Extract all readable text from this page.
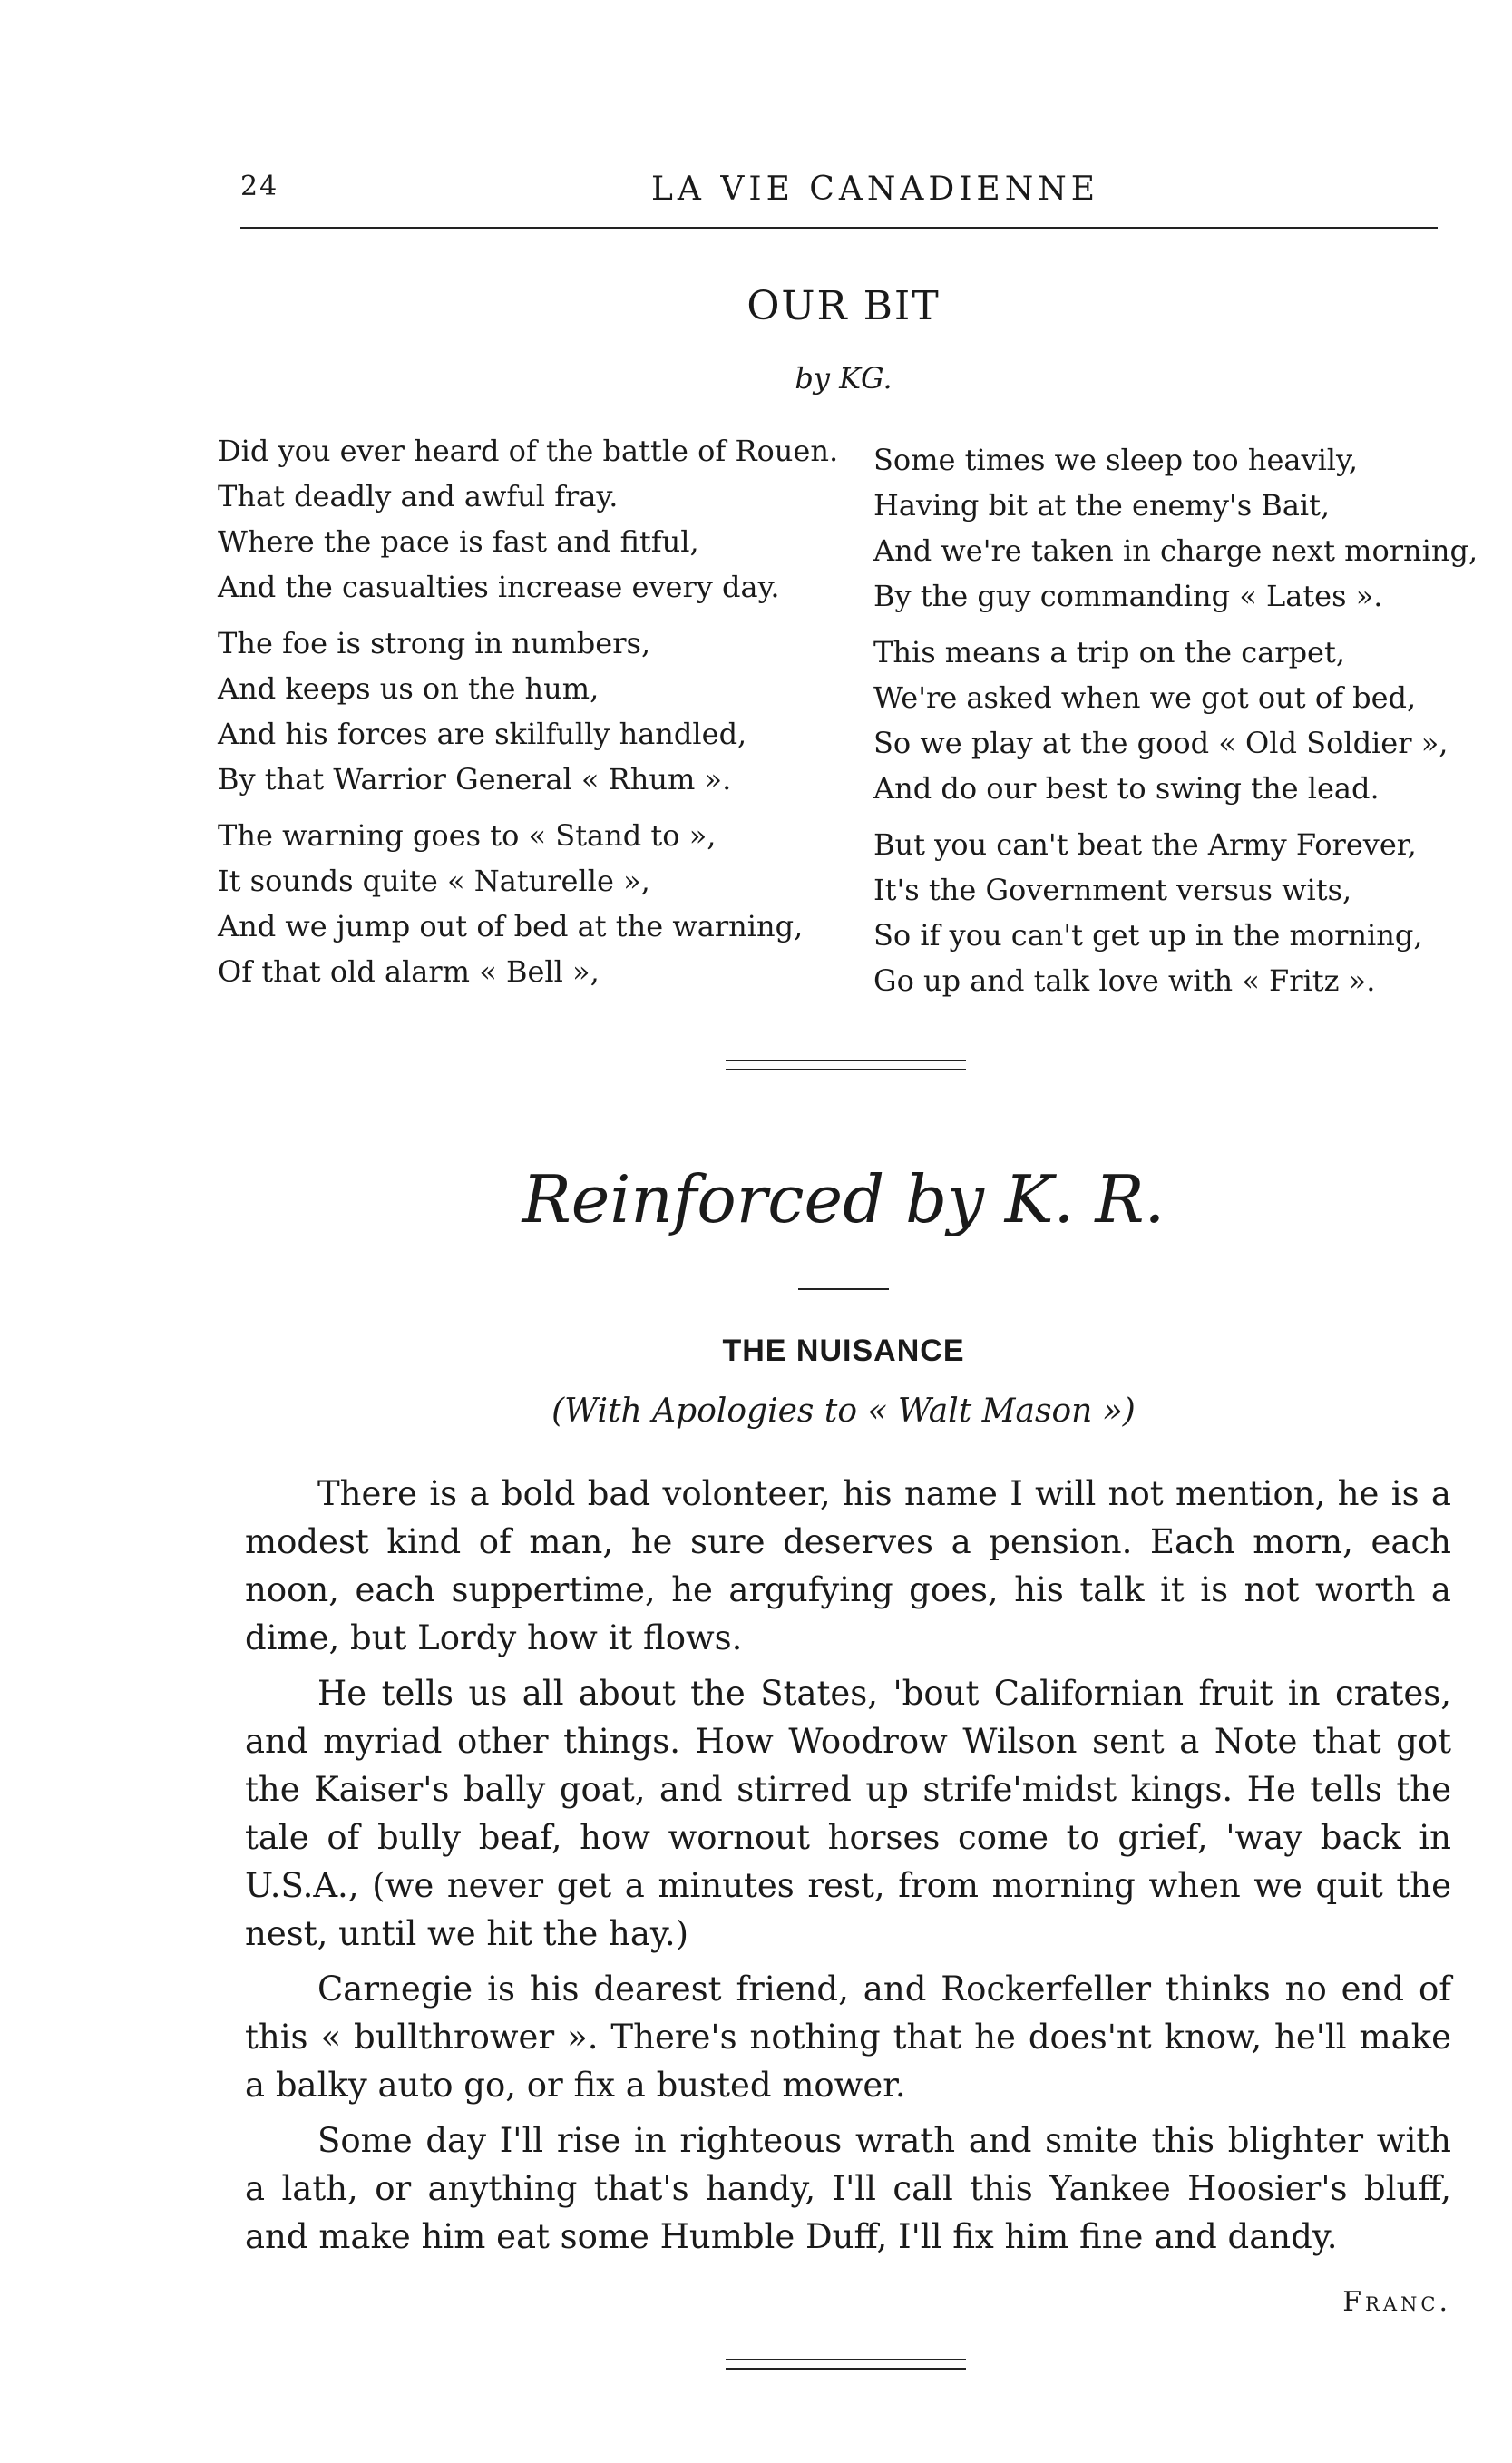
24	LA VIE CANADIENNE
OUR BIT
by KG.
Did you ever heard of the battle of Rouen.
That deadly and awful fray.
Where the pace is fast and fitful,
And the casualties increase every day.
The foe is strong in numbers,
And keeps us on the hum,
And his forces are skilfully handled,
By that Warrior General « Rhum ».
The warning goes to « Stand to »,
It sounds quite « Naturelle »,
And we jump out of bed at the warning,
Of that old alarm « Bell »,
Some times we sleep too heavily,
Having bit at the enemy's Bait,
And we're taken in charge next morning,
By the guy commanding « Lates ».
This means a trip on the carpet,
We're asked when we got out of bed,
So we play at the good « Old Soldier »,
And do our best to swing the lead.
But you can't beat the Army Forever,
It's the Government versus wits,
So if you can't get up in the morning,
Go up and talk love with « Fritz ».
Reinforced by K. R.
THE NUISANCE
(With Apologies to « Walt Mason »)

There is a bold bad volonteer, his name I will not mention, he is a modest kind of man, he sure deserves a pension. Each morn, each noon, each suppertime, he argufying goes, his talk it is not worth a dime, but Lordy how it flows.

He tells us all about the States, 'bout Californian fruit in crates, and myriad other things. How Woodrow Wilson sent a Note that got the Kaiser's bally goat, and stirred up strife'midst kings. He tells the tale of bully beaf, how wornout horses come to grief, 'way back in U.S.A., (we never get a minutes rest, from morning when we quit the nest, until we hit the hay.)

Carnegie is his dearest friend, and Rockerfeller thinks no end of this « bullthrower ». There's nothing that he does'nt know, he'll make a balky auto go, or fix a busted mower.

Some day I'll rise in righteous wrath and smite this blighter with a lath, or anything that's handy, I'll call this Yankee Hoosier's bluff, and make him eat some Humble Duff, I'll fix him fine and dandy.

Franc.
